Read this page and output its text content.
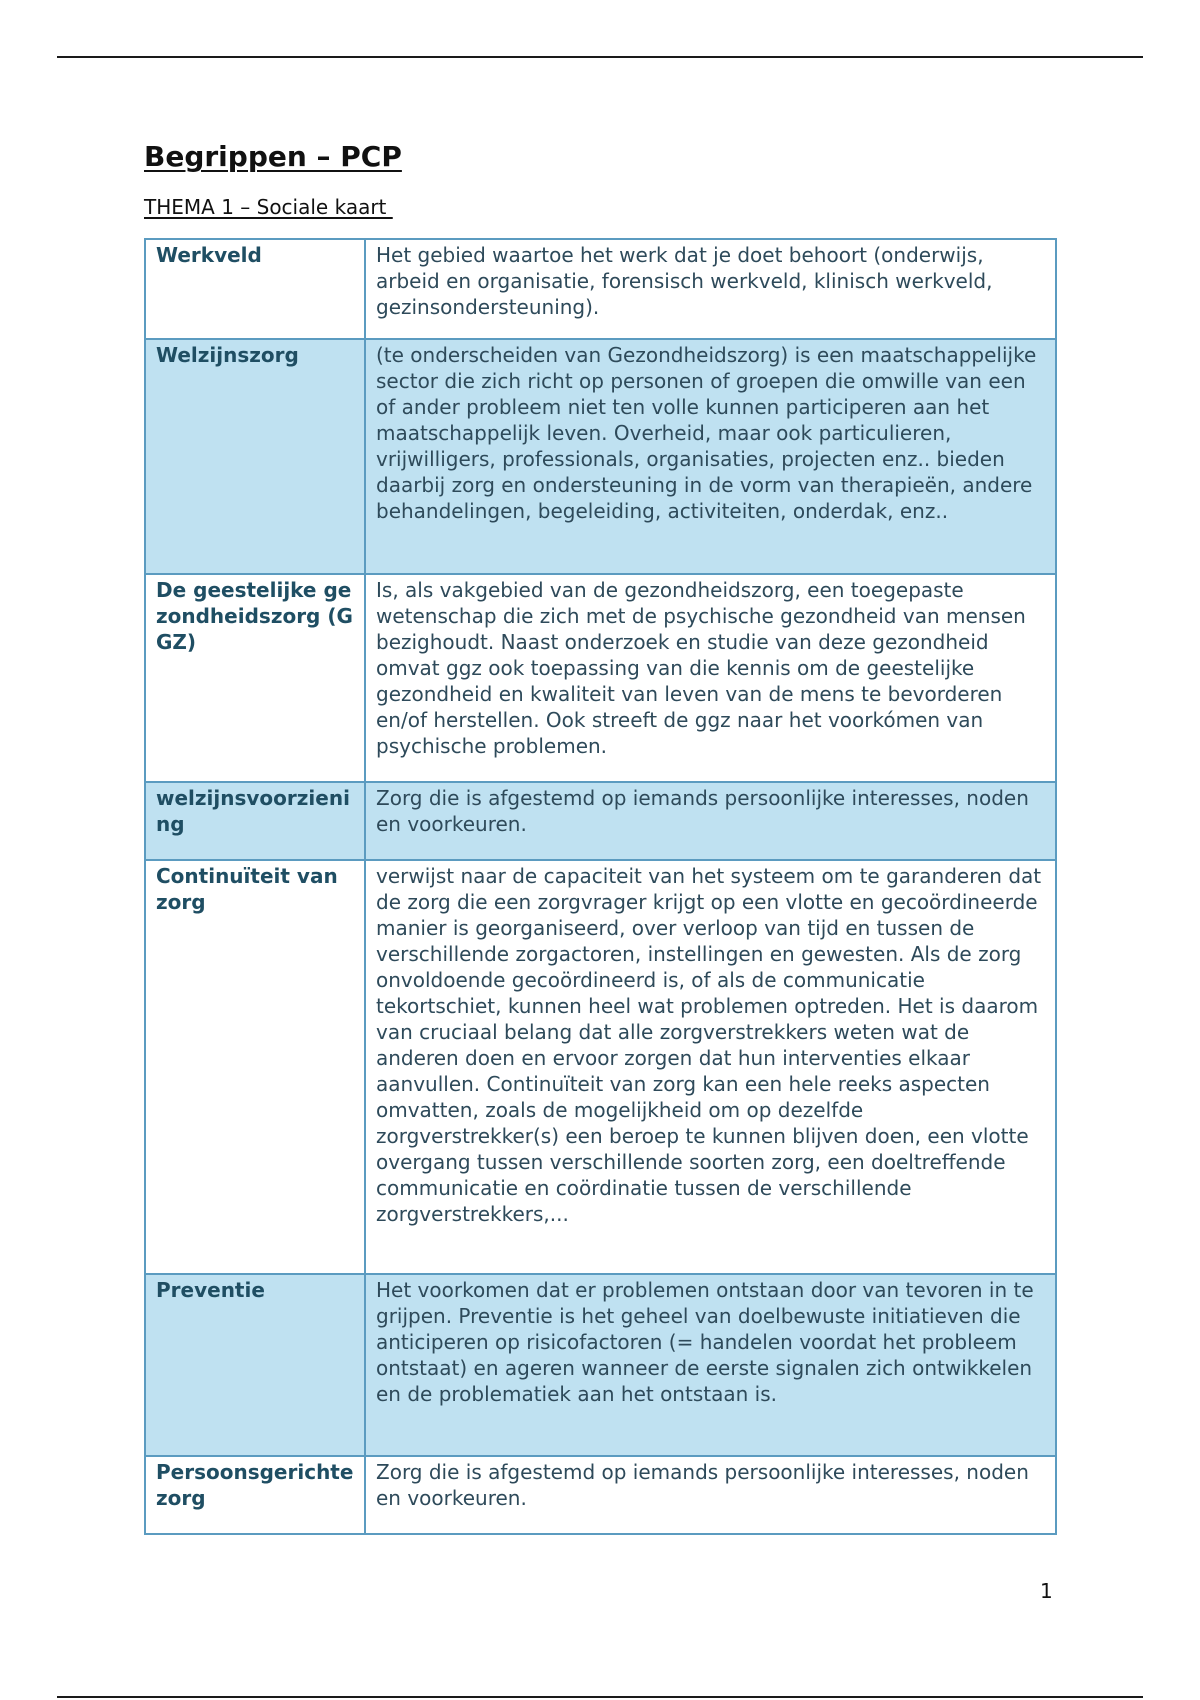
Begrippen – PCP

THEMA 1 – Sociale kaart

Werkveld	Het gebied waartoe het werk dat je doet behoort (onderwijs, arbeid en organisatie, forensisch werkveld, klinisch werkveld, gezinsondersteuning).
Welzijnszorg	(te onderscheiden van Gezondheidszorg) is een maatschappelijke sector die zich richt op personen of groepen die omwille van een of ander probleem niet ten volle kunnen participeren aan het maatschappelijk leven. Overheid, maar ook particulieren, vrijwilligers, professionals, organisaties, projecten enz.. bieden daarbij zorg en ondersteuning in de vorm van therapieën, andere behandelingen, begeleiding, activiteiten, onderdak, enz..
De geestelijke gezondheidszorg (GGZ)	Is, als vakgebied van de gezondheidszorg, een toegepaste wetenschap die zich met de psychische gezondheid van mensen bezighoudt. Naast onderzoek en studie van deze gezondheid omvat ggz ook toepassing van die kennis om de geestelijke gezondheid en kwaliteit van leven van de mens te bevorderen en/of herstellen. Ook streeft de ggz naar het voorkómen van psychische problemen.
welzijnsvoorziening	Zorg die is afgestemd op iemands persoonlijke interesses, noden en voorkeuren.
Continuïteit van zorg	verwijst naar de capaciteit van het systeem om te garanderen dat de zorg die een zorgvrager krijgt op een vlotte en gecoördineerde manier is georganiseerd, over verloop van tijd en tussen de verschillende zorgactoren, instellingen en gewesten. Als de zorg onvoldoende gecoördineerd is, of als de communicatie tekortschiet, kunnen heel wat problemen optreden. Het is daarom van cruciaal belang dat alle zorgverstrekkers weten wat de anderen doen en ervoor zorgen dat hun interventies elkaar aanvullen. Continuïteit van zorg kan een hele reeks aspecten omvatten, zoals de mogelijkheid om op dezelfde zorgverstrekker(s) een beroep te kunnen blijven doen, een vlotte overgang tussen verschillende soorten zorg, een doeltreffende communicatie en coördinatie tussen de verschillende zorgverstrekkers,...
Preventie	Het voorkomen dat er problemen ontstaan door van tevoren in te grijpen. Preventie is het geheel van doelbewuste initiatieven die anticiperen op risicofactoren (= handelen voordat het probleem ontstaat) en ageren wanneer de eerste signalen zich ontwikkelen en de problematiek aan het ontstaan is.
Persoonsgerichte zorg	Zorg die is afgestemd op iemands persoonlijke interesses, noden en voorkeuren.
1
